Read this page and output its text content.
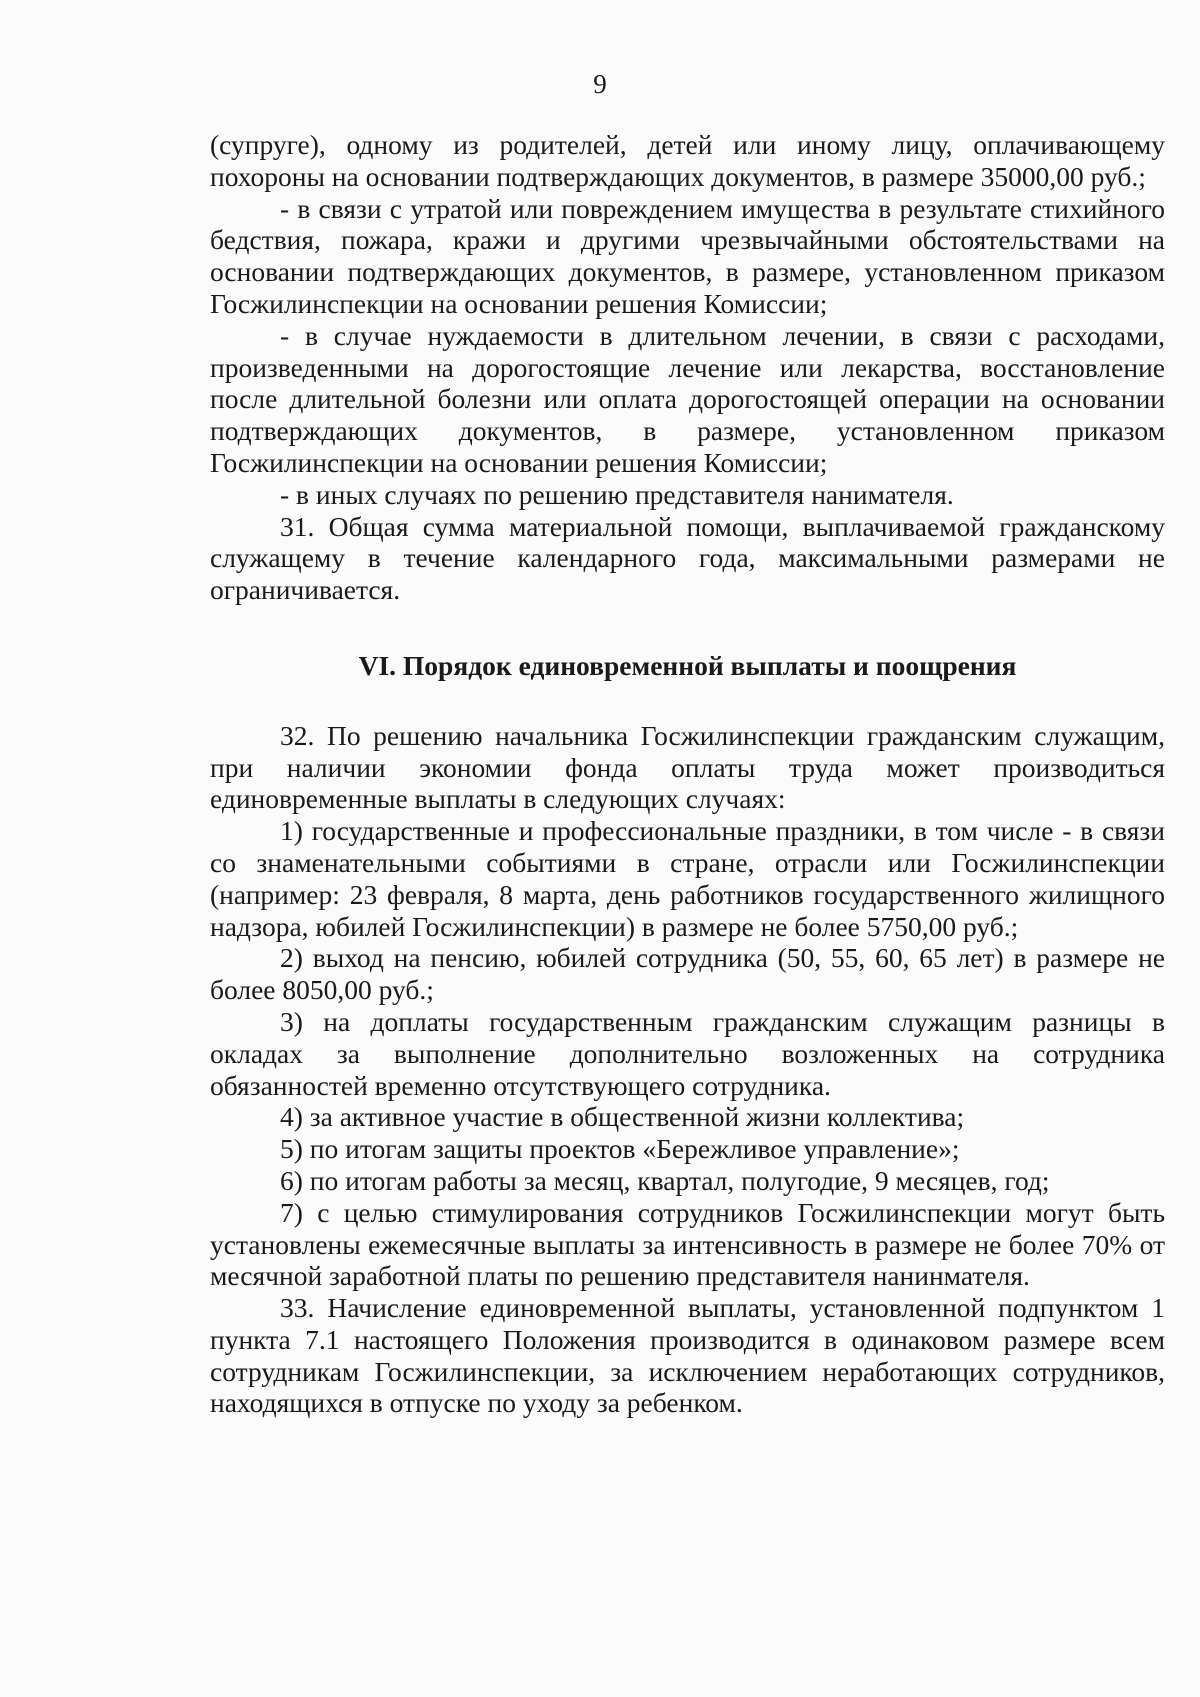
9

(супруге), одному из родителей, детей или иному лицу, оплачивающему похороны на основании подтверждающих документов, в размере 35000,00 руб.;

- в связи с утратой или повреждением имущества в результате стихийного бедствия, пожара, кражи и другими чрезвычайными обстоятельствами на основании подтверждающих документов, в размере, установленном приказом Госжилинспекции на основании решения Комиссии;

- в случае нуждаемости в длительном лечении, в связи с расходами, произведенными на дорогостоящие лечение или лекарства, восстановление после длительной болезни или оплата дорогостоящей операции на основании подтверждающих документов, в размере, установленном приказом Госжилинспекции на основании решения Комиссии;

- в иных случаях по решению представителя нанимателя.

31. Общая сумма материальной помощи, выплачиваемой гражданскому служащему в течение календарного года, максимальными размерами не ограничивается.

VI. Порядок единовременной выплаты и поощрения

32. По решению начальника Госжилинспекции гражданским служащим, при наличии экономии фонда оплаты труда может производиться единовременные выплаты в следующих случаях:

1) государственные и профессиональные праздники, в том числе - в связи со знаменательными событиями в стране, отрасли или Госжилинспекции (например: 23 февраля, 8 марта, день работников государственного жилищного надзора, юбилей Госжилинспекции) в размере не более 5750,00 руб.;

2) выход на пенсию, юбилей сотрудника (50, 55, 60, 65 лет) в размере не более 8050,00 руб.;

3) на доплаты государственным гражданским служащим разницы в окладах за выполнение дополнительно возложенных на сотрудника обязанностей временно отсутствующего сотрудника.

4) за активное участие в общественной жизни коллектива;

5) по итогам защиты проектов «Бережливое управление»;

6) по итогам работы за месяц, квартал, полугодие, 9 месяцев, год;

7) с целью стимулирования сотрудников Госжилинспекции могут быть установлены ежемесячные выплаты за интенсивность в размере не более 70% от месячной заработной платы по решению представителя нанинмателя.

33. Начисление единовременной выплаты, установленной подпунктом 1 пункта 7.1 настоящего Положения производится в одинаковом размере всем сотрудникам Госжилинспекции, за исключением неработающих сотрудников, находящихся в отпуске по уходу за ребенком.
